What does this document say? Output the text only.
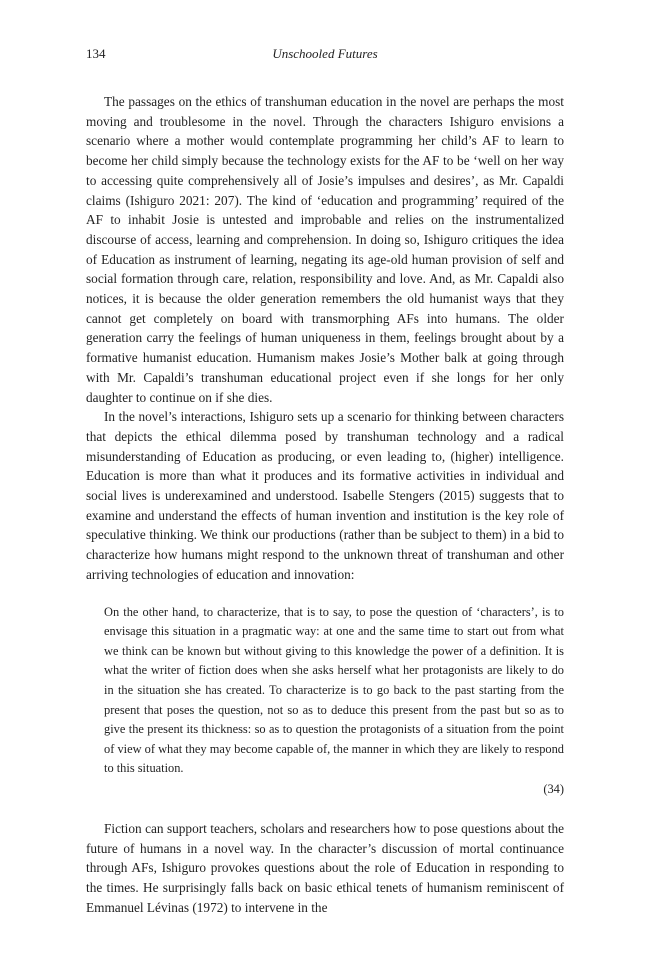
134	Unschooled Futures

The passages on the ethics of transhuman education in the novel are perhaps the most moving and troublesome in the novel. Through the characters Ishiguro envisions a scenario where a mother would contemplate programming her child’s AF to learn to become her child simply because the technology exists for the AF to be ‘well on her way to accessing quite comprehensively all of Josie’s impulses and desires’, as Mr. Capaldi claims (Ishiguro 2021: 207). The kind of ‘education and programming’ required of the AF to inhabit Josie is untested and improbable and relies on the instrumentalized discourse of access, learning and comprehension. In doing so, Ishiguro critiques the idea of Education as instrument of learning, negating its age-old human provision of self and social formation through care, relation, responsibility and love. And, as Mr. Capaldi also notices, it is because the older generation remembers the old humanist ways that they cannot get completely on board with transmorphing AFs into humans. The older generation carry the feelings of human uniqueness in them, feelings brought about by a formative humanist education. Humanism makes Josie’s Mother balk at going through with Mr. Capaldi’s transhuman educational project even if she longs for her only daughter to continue on if she dies.

In the novel’s interactions, Ishiguro sets up a scenario for thinking between characters that depicts the ethical dilemma posed by transhuman technology and a radical misunderstanding of Education as producing, or even leading to, (higher) intelligence. Education is more than what it produces and its formative activities in individual and social lives is underexamined and understood. Isabelle Stengers (2015) suggests that to examine and understand the effects of human invention and institution is the key role of speculative thinking. We think our productions (rather than be subject to them) in a bid to characterize how humans might respond to the unknown threat of transhuman and other arriving technologies of education and innovation:

On the other hand, to characterize, that is to say, to pose the question of ‘characters’, is to envisage this situation in a pragmatic way: at one and the same time to start out from what we think can be known but without giving to this knowledge the power of a definition. It is what the writer of fiction does when she asks herself what her protagonists are likely to do in the situation she has created. To characterize is to go back to the past starting from the present that poses the question, not so as to deduce this present from the past but so as to give the present its thickness: so as to question the protagonists of a situation from the point of view of what they may become capable of, the manner in which they are likely to respond to this situation.

(34)

Fiction can support teachers, scholars and researchers how to pose questions about the future of humans in a novel way. In the character’s discussion of mortal continuance through AFs, Ishiguro provokes questions about the role of Education in responding to the times. He surprisingly falls back on basic ethical tenets of humanism reminiscent of Emmanuel Lévinas (1972) to intervene in the
